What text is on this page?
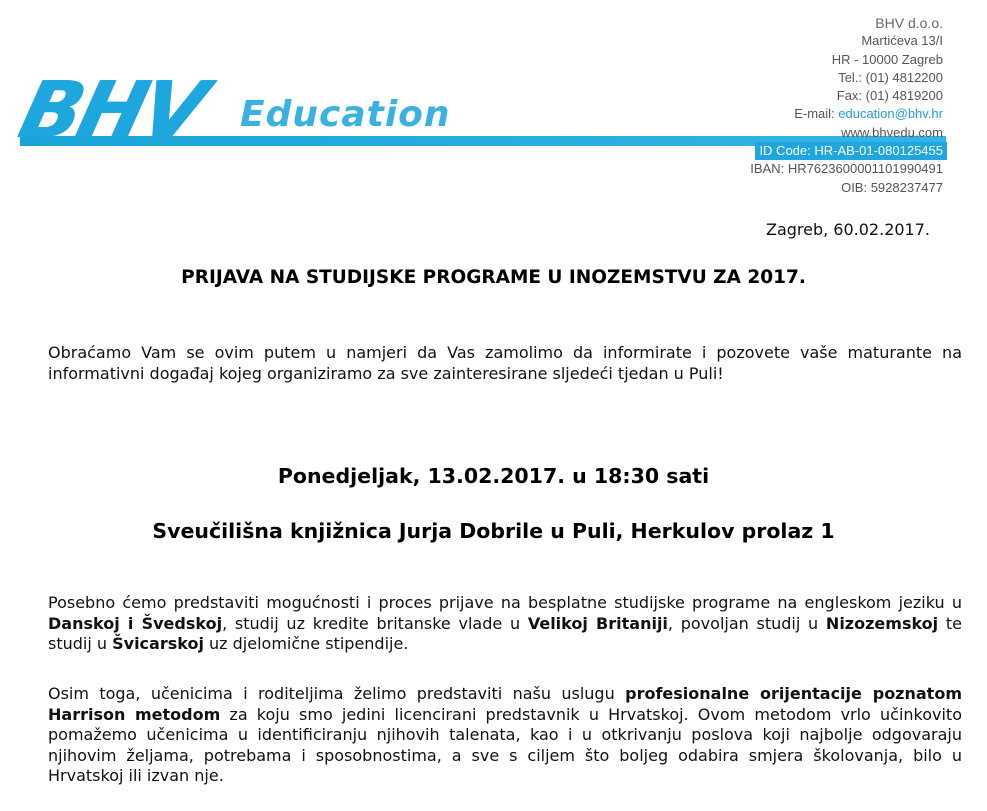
BHV Education
BHV d.o.o.
Martićeva 13/I
HR - 10000 Zagreb
Tel.: (01) 4812200
Fax: (01) 4819200
E-mail: education@bhv.hr
www.bhvedu.com
ID Code: HR-AB-01-080125455
IBAN: HR7623600001101990491
OIB: 5928237477
Zagreb, 60.02.2017.
PRIJAVA NA STUDIJSKE PROGRAME U INOZEMSTVU ZA 2017.
Obraćamo Vam se ovim putem u namjeri da Vas zamolimo da informirate i pozovete vaše maturante na informativni događaj kojeg organiziramo za sve zainteresirane sljedeći tjedan u Puli!
Ponedjeljak, 13.02.2017. u 18:30 sati
Sveučilišna knjižnica Jurja Dobrile u Puli, Herkulov prolaz 1
Posebno ćemo predstaviti mogućnosti i proces prijave na besplatne studijske programe na engleskom jeziku u Danskoj i Švedskoj, studij uz kredite britanske vlade u Velikoj Britaniji, povoljan studij u Nizozemskoj te studij u Švicarskoj uz djelomične stipendije.
Osim toga, učenicima i roditeljima želimo predstaviti našu uslugu profesionalne orijentacije poznatom Harrison metodom za koju smo jedini licencirani predstavnik u Hrvatskoj. Ovom metodom vrlo učinkovito pomažemo učenicima u identificiranju njihovih talenata, kao i u otkrivanju poslova koji najbolje odgovaraju njihovim željama, potrebama i sposobnostima, a sve s ciljem što boljeg odabira smjera školovanja, bilo u Hrvatskoj ili izvan nje.
